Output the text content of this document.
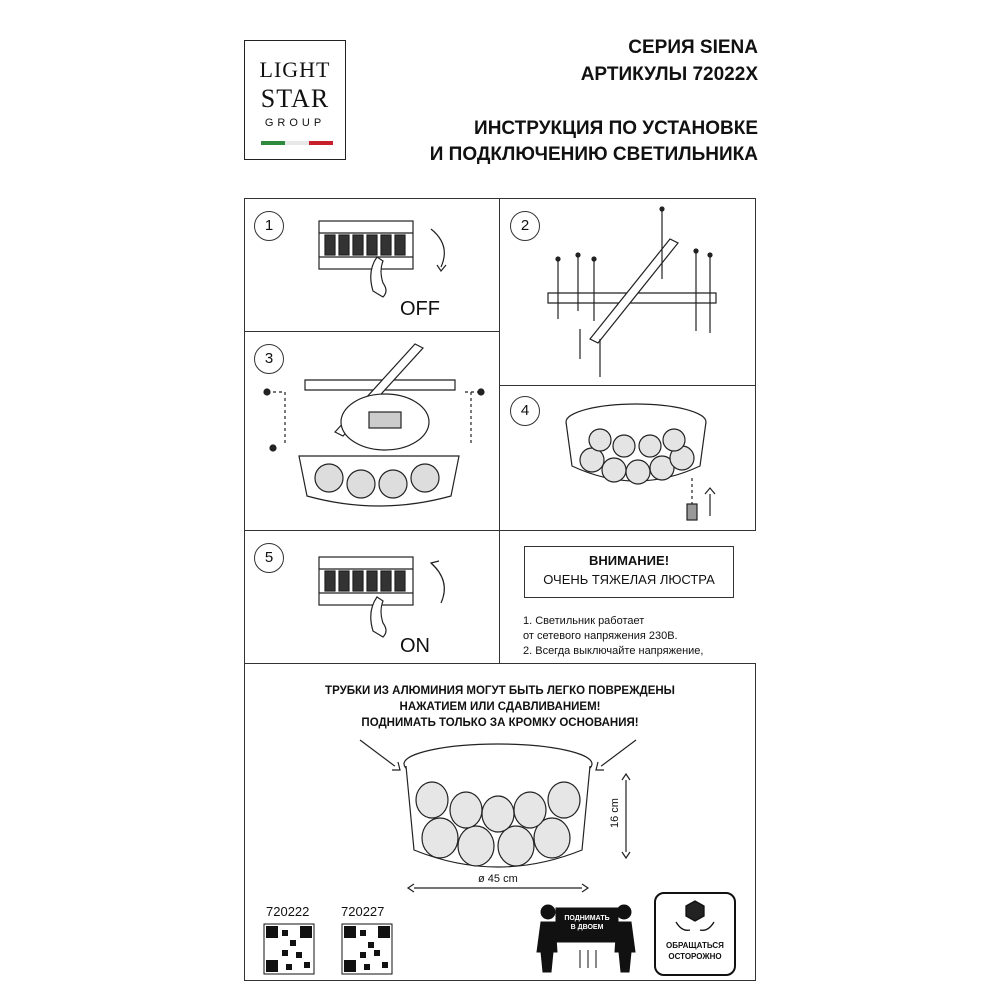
LIGHT
STAR
GROUP
СЕРИЯ SIENA
АРТИКУЛЫ 72022X
ИНСТРУКЦИЯ ПО УСТАНОВКЕ
И ПОДКЛЮЧЕНИЮ СВЕТИЛЬНИКА
1
OFF
2
3
4
5
ON
ВНИМАНИЕ!
ОЧЕНЬ ТЯЖЕЛАЯ ЛЮСТРА
1. Светильник работает
от сетевого напряжения 230В.
2. Всегда выключайте напряжение,
ТРУБКИ ИЗ АЛЮМИНИЯ МОГУТ БЫТЬ ЛЕГКО ПОВРЕЖДЕНЫ
НАЖАТИЕМ ИЛИ СДАВЛИВАНИЕМ!
ПОДНИМАТЬ ТОЛЬКО ЗА КРОМКУ ОСНОВАНИЯ!
ø 45 cm
16 cm
720222 720227	ПОДНИМАТЬ
В ДВОЕМ
ОБРАЩАТЬСЯ
ОСТОРОЖНО
